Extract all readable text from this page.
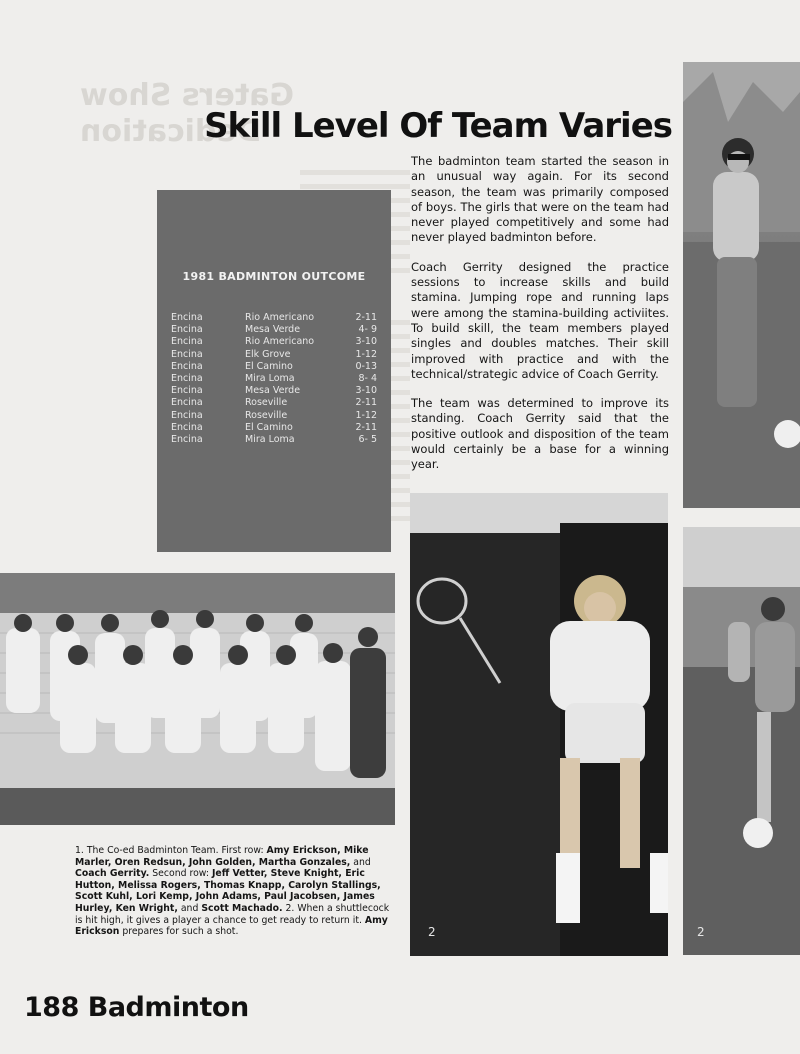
Gaters Show Dedication
Skill Level Of Team Varies

The badminton team started the season in an unusual way again. For its second season, the team was primarily composed of boys. The girls that were on the team had never played competitively and some had never played badminton before.

Coach Gerrity designed the practice sessions to increase skills and build stamina. Jumping rope and running laps were among the stamina-building activiites. To build skill, the team members played singles and doubles matches. Their skill improved with practice and with the technical/strategic advice of Coach Gerrity.

The team was determined to improve its standing. Coach Gerrity said that the positive outlook and disposition of the team would certainly be a base for a winning year.

1981 BADMINTON OUTCOME
Encina	Rio Americano	2-11
Encina	Mesa Verde	4- 9
Encina	Rio Americano	3-10
Encina	Elk Grove	1-12
Encina	El Camino	0-13
Encina	Mira Loma	8- 4
Encina	Mesa Verde	3-10
Encina	Roseville	2-11
Encina	Roseville	1-12
Encina	El Camino	2-11
Encina	Mira Loma	6- 5
2
2
1. The Co-ed Badminton Team. First row: Amy Erickson, Mike Marler, Oren Redsun, John Golden, Martha Gonzales, and Coach Gerrity. Second row: Jeff Vetter, Steve Knight, Eric Hutton, Melissa Rogers, Thomas Knapp, Carolyn Stallings, Scott Kuhl, Lori Kemp, John Adams, Paul Jacobsen, James Hurley, Ken Wright, and Scott Machado. 2. When a shuttlecock is hit high, it gives a player a chance to get ready to return it. Amy Erickson prepares for such a shot.
188 Badminton
